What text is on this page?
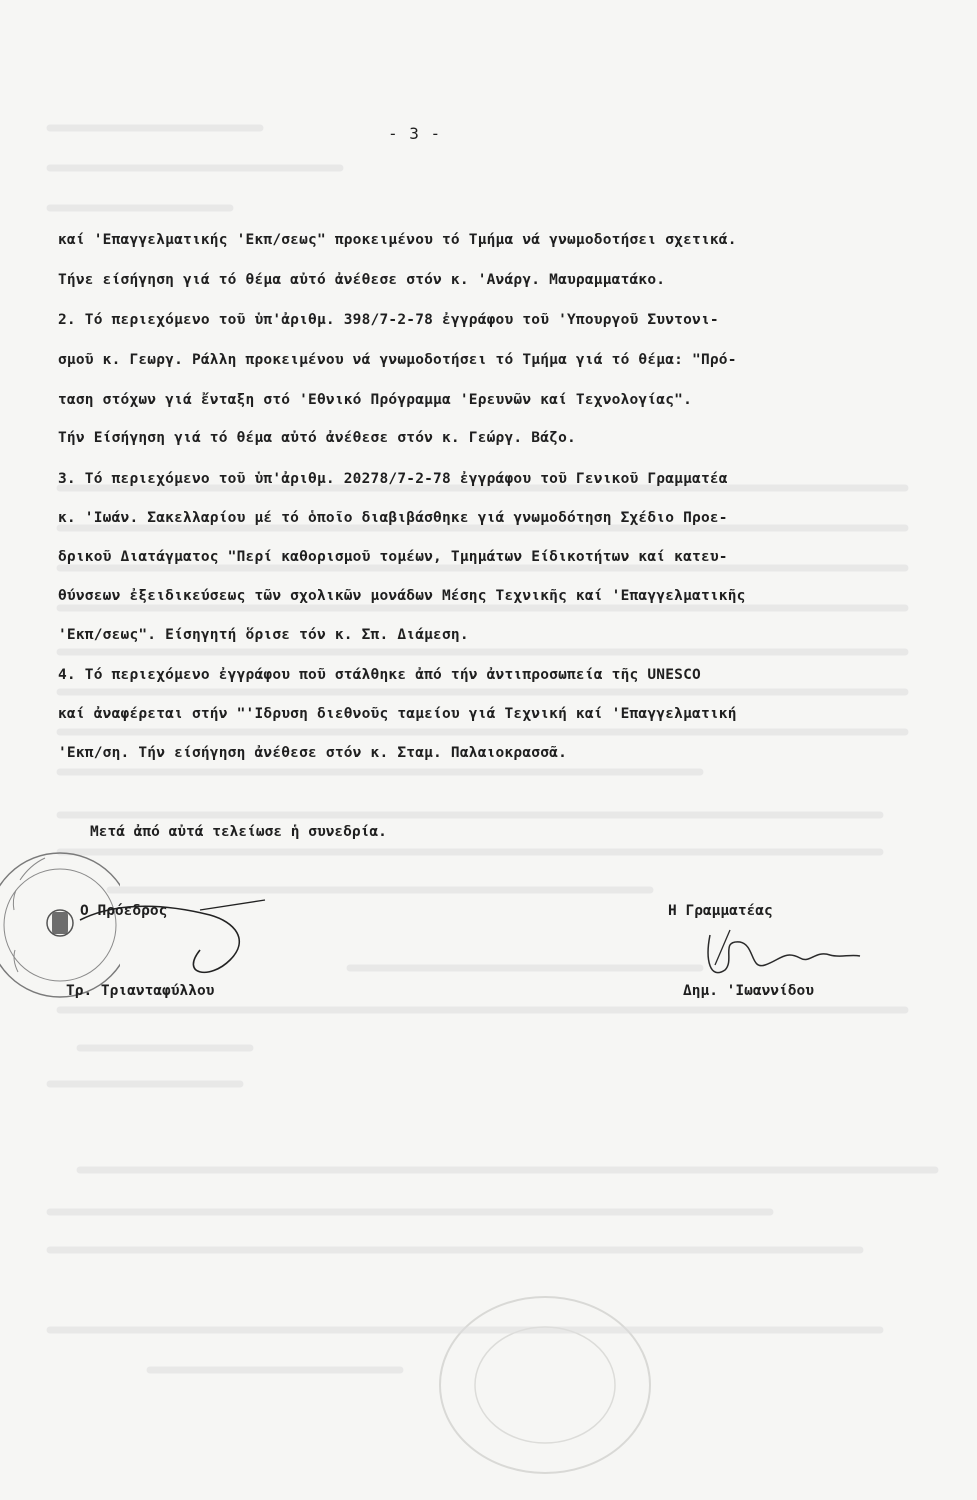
- 3 -
καί 'Επαγγελματικής 'Εκπ/σεως" προκειμένου τό Τμήμα νά γνωμοδοτήσει σχετικά.
Τήνε είσήγηση γιά τό θέμα αὐτό ἀνέθεσε στόν κ. 'Ανάργ. Μαυραμματάκο.
2. Τό περιεχόμενο τοῦ ὑπ'ἀριθμ. 398/7-2-78 ἐγγράφου τοῦ 'Υπουργοῦ Συντονι-
σμοῦ κ. Γεωργ. Ράλλη προκειμένου νά γνωμοδοτήσει τό Τμήμα γιά τό θέμα: "Πρό-
ταση στόχων γιά ἔνταξη στό 'Εθνικό Πρόγραμμα 'Ερευνῶν καί Τεχνολογίας".
Τήν Είσήγηση γιά τό θέμα αὐτό ἀνέθεσε στόν κ. Γεώργ. Βάζο.
3. Τό περιεχόμενο τοῦ ὑπ'ἀριθμ. 20278/7-2-78 ἐγγράφου τοῦ Γενικοῦ Γραμματέα
κ. 'Ιωάν. Σακελλαρίου μέ τό ὁποῖο διαβιβάσθηκε γιά γνωμοδότηση Σχέδιο Προε-
δρικοῦ Διατάγματος "Περί καθορισμοῦ τομέων, Τμημάτων Είδικοτήτων καί κατευ-
θύνσεων ἐξειδικεύσεως τῶν σχολικῶν μονάδων Μέσης Τεχνικῆς καί 'Επαγγελματικῆς
'Εκπ/σεως". Είσηγητή ὅρισε τόν κ. Σπ. Διάμεση.
4. Τό περιεχόμενο ἐγγράφου ποῦ στάλθηκε ἀπό τήν ἀντιπροσωπεία τῆς UNESCO
καί ἀναφέρεται στήν "'Ιδρυση διεθνοῦς ταμείου γιά Τεχνική καί 'Επαγγελματική
'Εκπ/ση. Τήν είσήγηση ἀνέθεσε στόν κ. Σταμ. Παλαιοκρασσᾶ.
Μετά ἀπό αὐτά τελείωσε ἡ συνεδρία.
Ο Πρόεδρος
Τρ. Τριανταφύλλου
Η Γραμματέας
Δημ. 'Ιωαννίδου
